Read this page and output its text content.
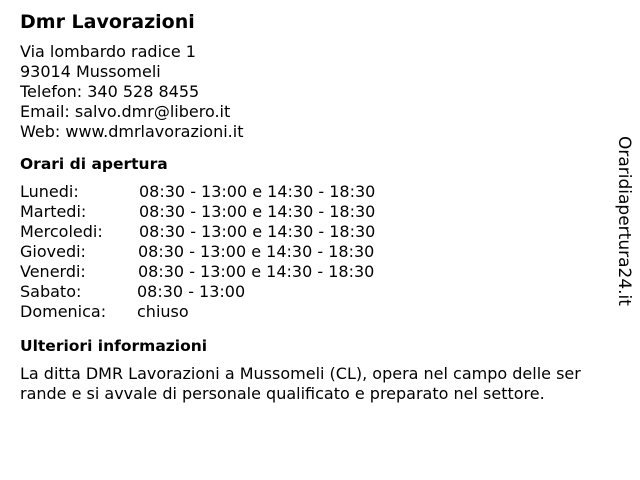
Dmr Lavorazioni
Via lombardo radice 1
93014 Mussomeli
Telefon: 340 528 8455
Email: salvo.dmr@libero.it
Web: www.dmrlavorazioni.it
Orari di apertura
Lunedi:	08:30 - 13:00 e 14:30 - 18:30
Martedi:	08:30 - 13:00 e 14:30 - 18:30
Mercoledi: 08:30 - 13:00 e 14:30 - 18:30
Giovedi:	08:30 - 13:00 e 14:30 - 18:30
Venerdi:	08:30 - 13:00 e 14:30 - 18:30
Sabato:	08:30 - 13:00
Domenica: chiuso
Ulteriori informazioni
La ditta DMR Lavorazioni a Mussomeli (CL), opera nel campo delle ser
rande e si avvale di personale qualificato e preparato nel settore.
Oraridiapertura24.it
